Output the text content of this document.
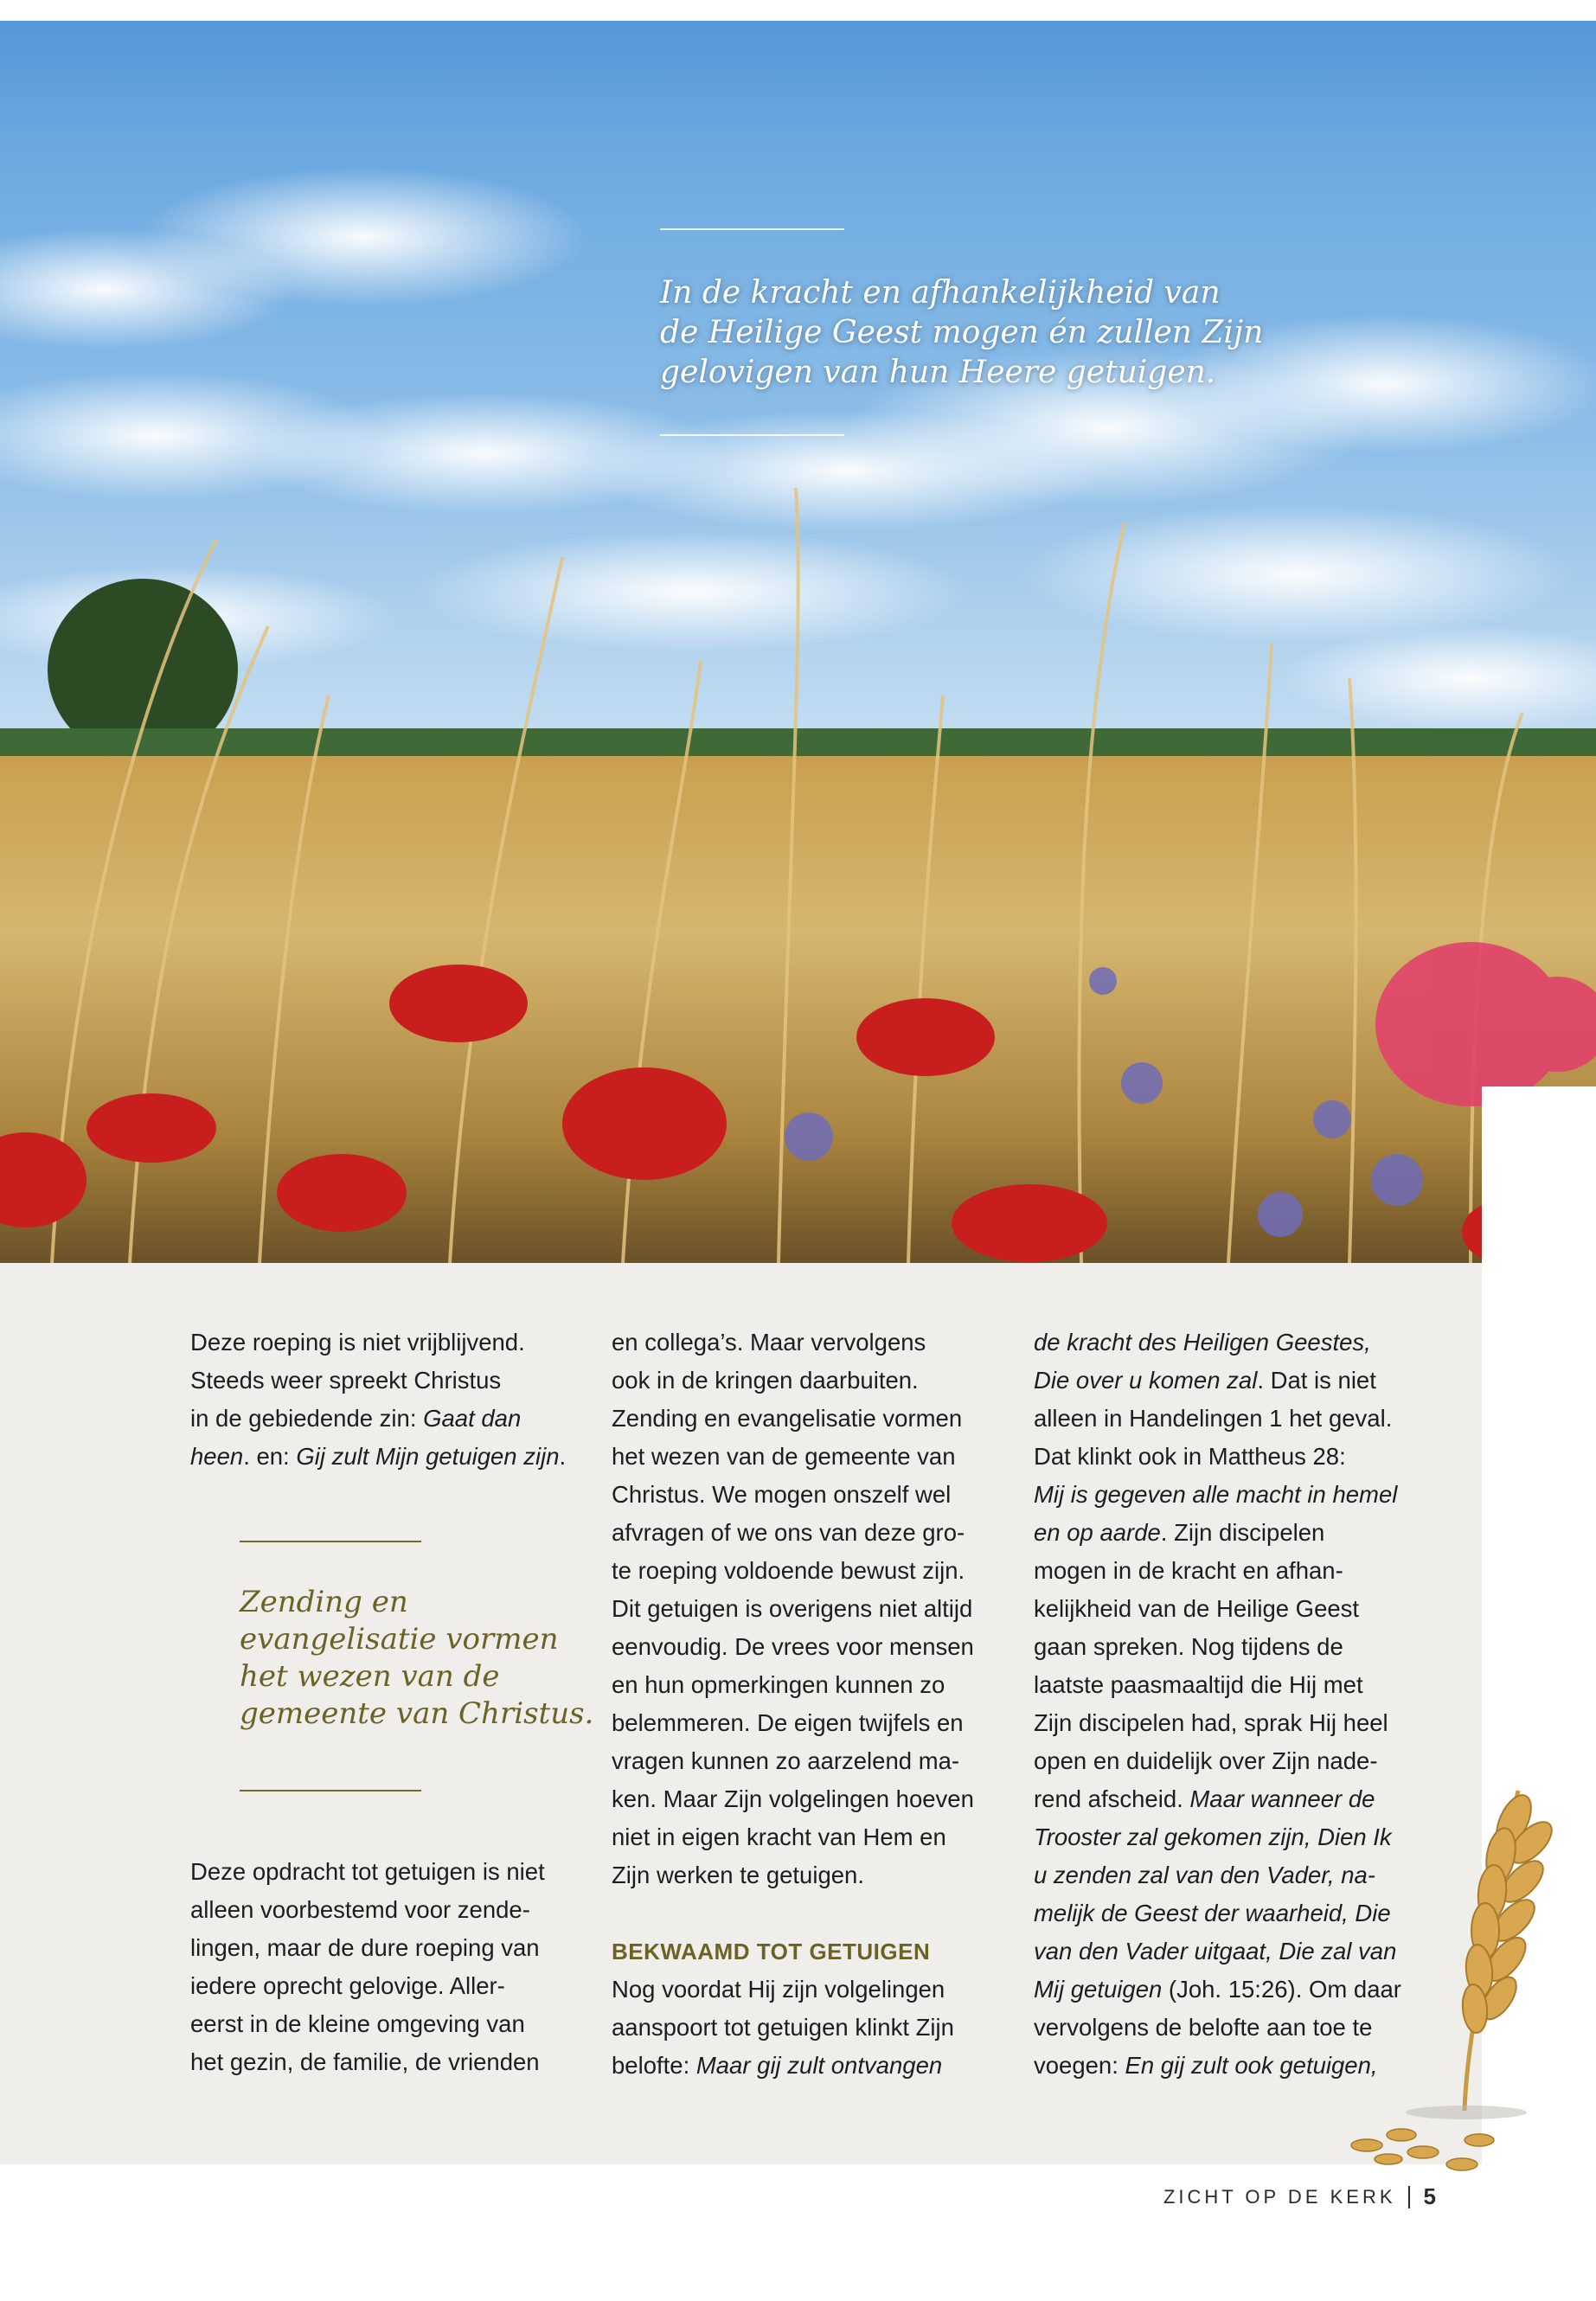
In de kracht en afhankelijkheid van
de Heilige Geest mogen én zullen Zijn
gelovigen van hun Heere getuigen.

Deze roeping is niet vrijblijvend.
Steeds weer spreekt Christus
in de gebiedende zin: Gaat dan
heen. en: Gij zult Mijn getuigen zijn.

Zending en
evangelisatie vormen
het wezen van de
gemeente van Christus.

Deze opdracht tot getuigen is niet
alleen voorbestemd voor zende-
lingen, maar de dure roeping van
iedere oprecht gelovige. Aller-
eerst in de kleine omgeving van
het gezin, de familie, de vrienden

en collega’s. Maar vervolgens
ook in de kringen daarbuiten.
Zending en evangelisatie vormen
het wezen van de gemeente van
Christus. We mogen onszelf wel
afvragen of we ons van deze gro-
te roeping voldoende bewust zijn.
Dit getuigen is overigens niet altijd
eenvoudig. De vrees voor mensen
en hun opmerkingen kunnen zo
belemmeren. De eigen twijfels en
vragen kunnen zo aarzelend ma-
ken. Maar Zijn volgelingen hoeven
niet in eigen kracht van Hem en
Zijn werken te getuigen.

BEKWAAMD TOT GETUIGEN

Nog voordat Hij zijn volgelingen
aanspoort tot getuigen klinkt Zijn
belofte: Maar gij zult ontvangen

de kracht des Heiligen Geestes,
Die over u komen zal. Dat is niet
alleen in Handelingen 1 het geval.
Dat klinkt ook in Mattheus 28:
Mij is gegeven alle macht in hemel
en op aarde. Zijn discipelen
mogen in de kracht en afhan-
kelijkheid van de Heilige Geest
gaan spreken. Nog tijdens de
laatste paasmaaltijd die Hij met
Zijn discipelen had, sprak Hij heel
open en duidelijk over Zijn nade-
rend afscheid. Maar wanneer de
Trooster zal gekomen zijn, Dien Ik
u zenden zal van den Vader, na-
melijk de Geest der waarheid, Die
van den Vader uitgaat, Die zal van
Mij getuigen (Joh. 15:26). Om daar
vervolgens de belofte aan toe te
voegen: En gij zult ook getuigen,

ZICHT OP DE KERK 5
